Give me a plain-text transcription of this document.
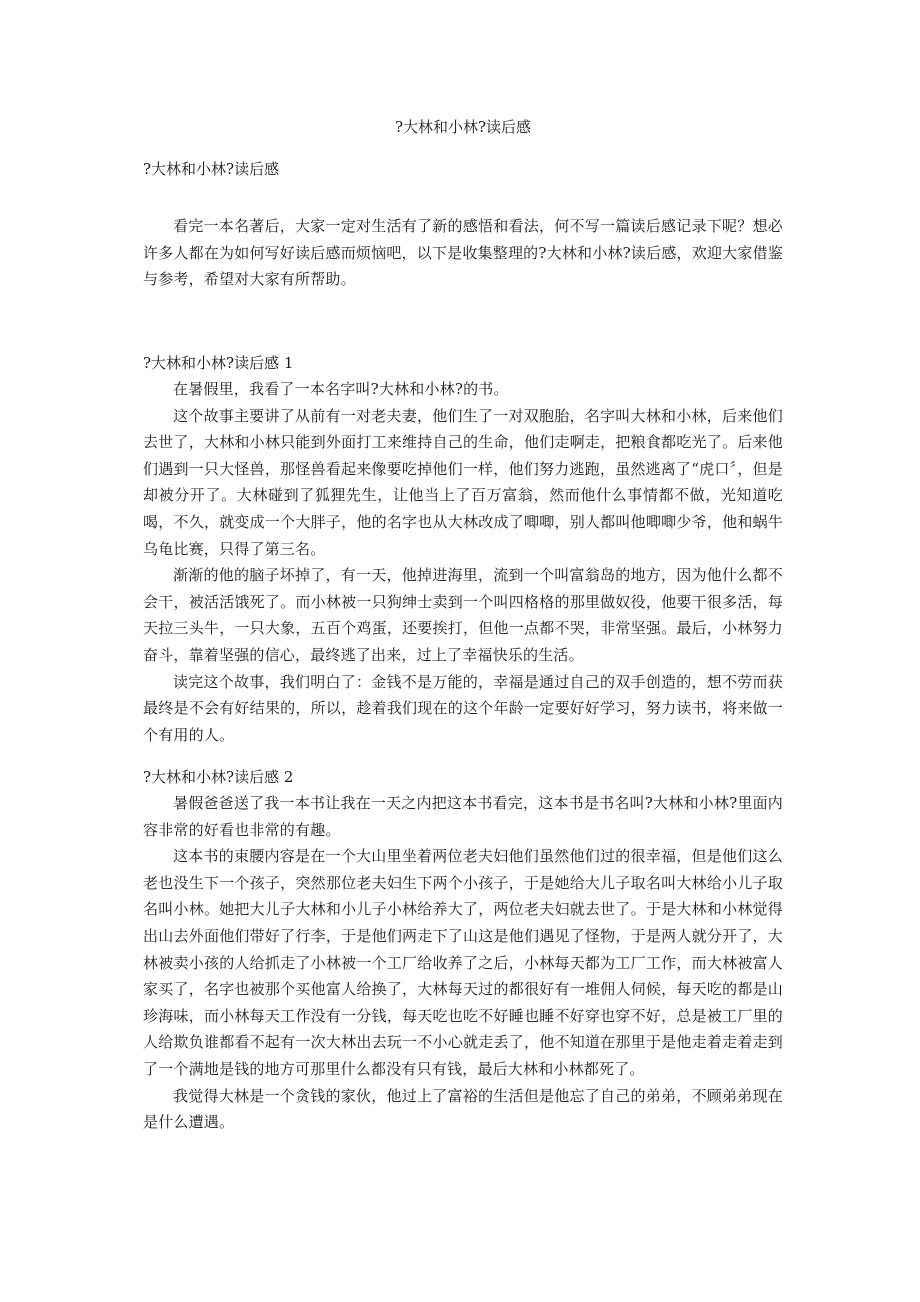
?大林和小林?读后感
?大林和小林?读后感

看完一本名著后，大家一定对生活有了新的感悟和看法，何不写一篇读后感记录下呢？想必许多人都在为如何写好读后感而烦恼吧，以下是收集整理的?大林和小林?读后感，欢迎大家借鉴与参考，希望对大家有所帮助。

?大林和小林?读后感 1

在暑假里，我看了一本名字叫?大林和小林?的书。

这个故事主要讲了从前有一对老夫妻，他们生了一对双胞胎，名字叫大林和小林，后来他们去世了，大林和小林只能到外面打工来维持自己的生命，他们走啊走，把粮食都吃光了。后来他们遇到一只大怪兽，那怪兽看起来像要吃掉他们一样，他们努力逃跑，虽然逃离了“虎口〞，但是却被分开了。大林碰到了狐狸先生，让他当上了百万富翁，然而他什么事情都不做，光知道吃喝，不久，就变成一个大胖子，他的名字也从大林改成了唧唧，别人都叫他唧唧少爷，他和蜗牛乌龟比赛，只得了第三名。

渐渐的他的脑子坏掉了，有一天，他掉进海里，流到一个叫富翁岛的地方，因为他什么都不会干，被活活饿死了。而小林被一只狗绅士卖到一个叫四格格的那里做奴役，他要干很多活，每天拉三头牛，一只大象，五百个鸡蛋，还要挨打，但他一点都不哭，非常坚强。最后，小林努力奋斗，靠着坚强的信心，最终逃了出来，过上了幸福快乐的生活。

读完这个故事，我们明白了：金钱不是万能的，幸福是通过自己的双手创造的，想不劳而获最终是不会有好结果的，所以，趁着我们现在的这个年龄一定要好好学习，努力读书，将来做一个有用的人。

?大林和小林?读后感 2

暑假爸爸送了我一本书让我在一天之内把这本书看完，这本书是书名叫?大林和小林?里面内容非常的好看也非常的有趣。

这本书的束腰内容是在一个大山里坐着两位老夫妇他们虽然他们过的很幸福，但是他们这么老也没生下一个孩子，突然那位老夫妇生下两个小孩子，于是她给大儿子取名叫大林给小儿子取名叫小林。她把大儿子大林和小儿子小林给养大了，两位老夫妇就去世了。于是大林和小林觉得出山去外面他们带好了行李，于是他们两走下了山这是他们遇见了怪物，于是两人就分开了，大林被卖小孩的人给抓走了小林被一个工厂给收养了之后，小林每天都为工厂工作，而大林被富人家买了，名字也被那个买他富人给换了，大林每天过的都很好有一堆佣人伺候，每天吃的都是山珍海味，而小林每天工作没有一分钱，每天吃也吃不好睡也睡不好穿也穿不好，总是被工厂里的人给欺负谁都看不起有一次大林出去玩一不小心就走丢了，他不知道在那里于是他走着走着走到了一个满地是钱的地方可那里什么都没有只有钱，最后大林和小林都死了。

我觉得大林是一个贪钱的家伙，他过上了富裕的生活但是他忘了自己的弟弟，不顾弟弟现在是什么遭遇。
